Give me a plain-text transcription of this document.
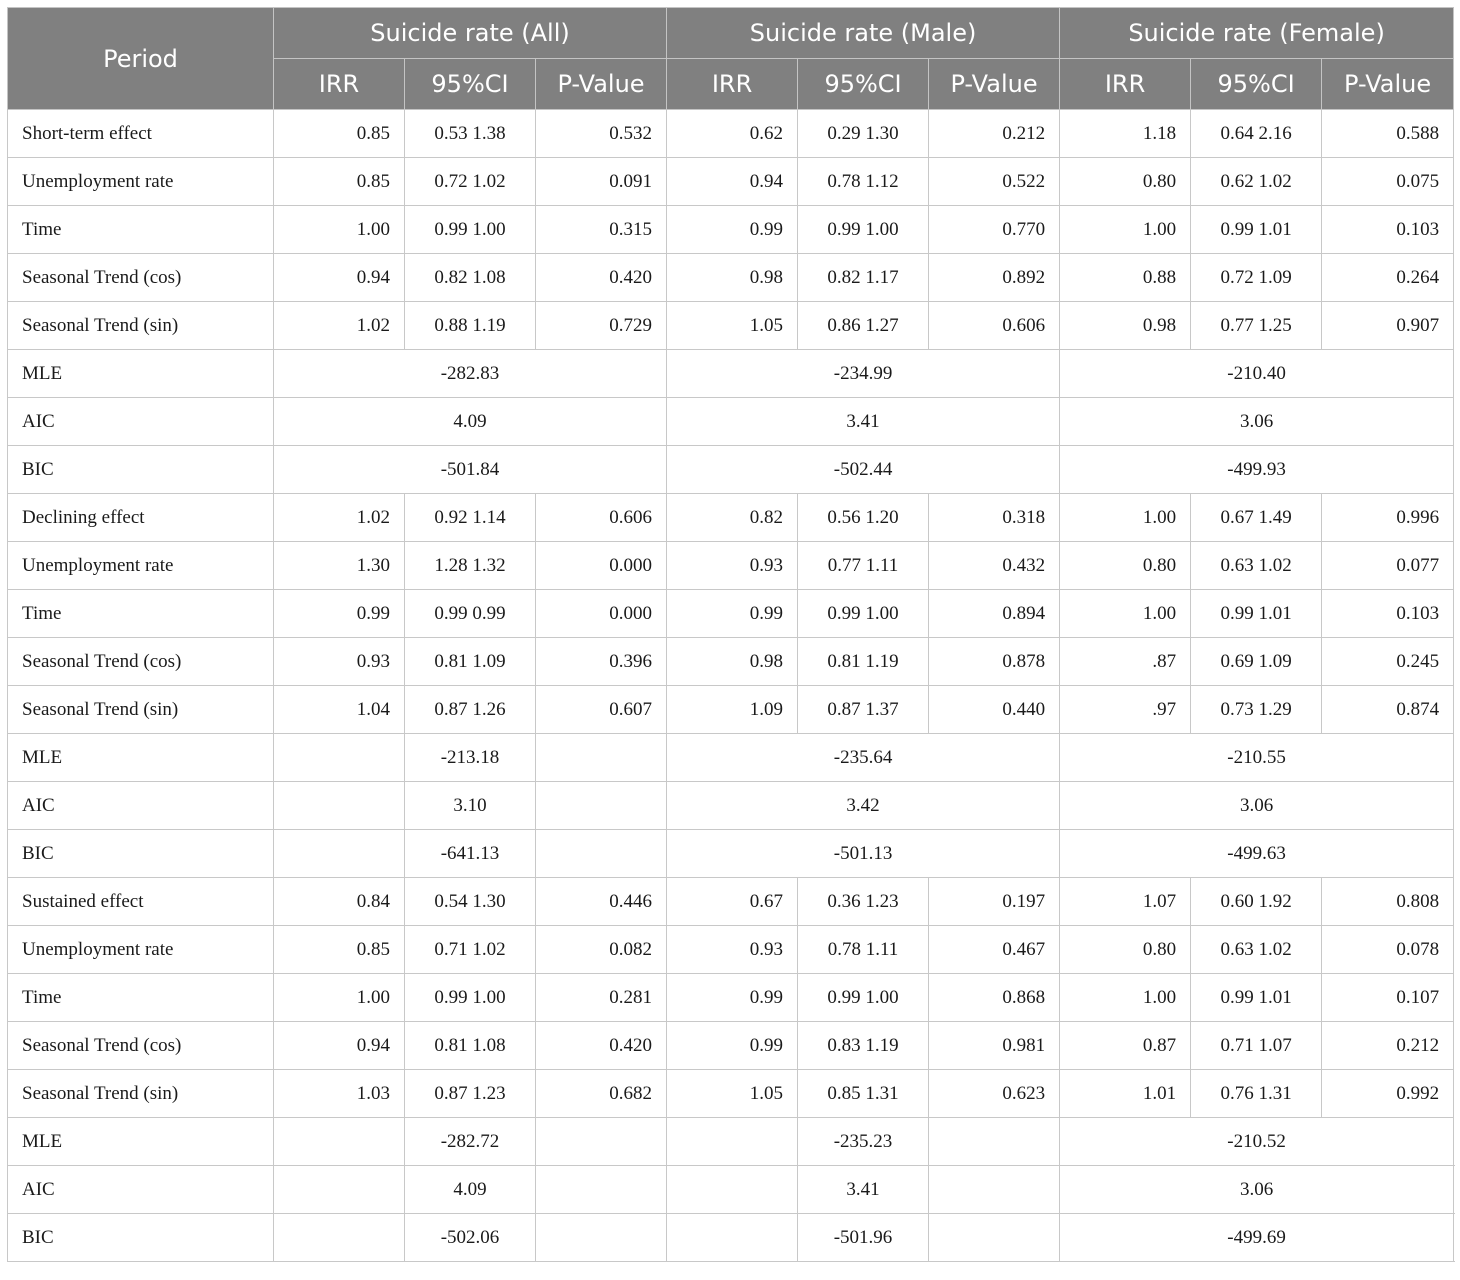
Period	Suicide rate (All)			Suicide rate (Male)			Suicide rate (Female)		
	IRR	95%CI	P-Value	IRR	95%CI	P-Value	IRR	95%CI	P-Value
Short-term effect	0.85	0.53 1.38	0.532	0.62	0.29 1.30	0.212	1.18	0.64 2.16	0.588
Unemployment rate	0.85	0.72 1.02	0.091	0.94	0.78 1.12	0.522	0.80	0.62 1.02	0.075
Time	1.00	0.99 1.00	0.315	0.99	0.99 1.00	0.770	1.00	0.99 1.01	0.103
Seasonal Trend (cos)	0.94	0.82 1.08	0.420	0.98	0.82 1.17	0.892	0.88	0.72 1.09	0.264
Seasonal Trend (sin)	1.02	0.88 1.19	0.729	1.05	0.86 1.27	0.606	0.98	0.77 1.25	0.907
MLE	-282.83			-234.99			-210.40		
AIC	4.09			3.41			3.06		
BIC	-501.84			-502.44			-499.93		
Declining effect	1.02	0.92 1.14	0.606	0.82	0.56 1.20	0.318	1.00	0.67 1.49	0.996
Unemployment rate	1.30	1.28 1.32	0.000	0.93	0.77 1.11	0.432	0.80	0.63 1.02	0.077
Time	0.99	0.99 0.99	0.000	0.99	0.99 1.00	0.894	1.00	0.99 1.01	0.103
Seasonal Trend (cos)	0.93	0.81 1.09	0.396	0.98	0.81 1.19	0.878	.87	0.69 1.09	0.245
Seasonal Trend (sin)	1.04	0.87 1.26	0.607	1.09	0.87 1.37	0.440	.97	0.73 1.29	0.874
MLE		-213.18		-235.64			-210.55		
AIC		3.10		3.42			3.06		
BIC		-641.13		-501.13			-499.63		
Sustained effect	0.84	0.54 1.30	0.446	0.67	0.36 1.23	0.197	1.07	0.60 1.92	0.808
Unemployment rate	0.85	0.71 1.02	0.082	0.93	0.78 1.11	0.467	0.80	0.63 1.02	0.078
Time	1.00	0.99 1.00	0.281	0.99	0.99 1.00	0.868	1.00	0.99 1.01	0.107
Seasonal Trend (cos)	0.94	0.81 1.08	0.420	0.99	0.83 1.19	0.981	0.87	0.71 1.07	0.212
Seasonal Trend (sin)	1.03	0.87 1.23	0.682	1.05	0.85 1.31	0.623	1.01	0.76 1.31	0.992
MLE		-282.72			-235.23		-210.52		
AIC		4.09			3.41		3.06		
BIC		-502.06			-501.96		-499.69		
